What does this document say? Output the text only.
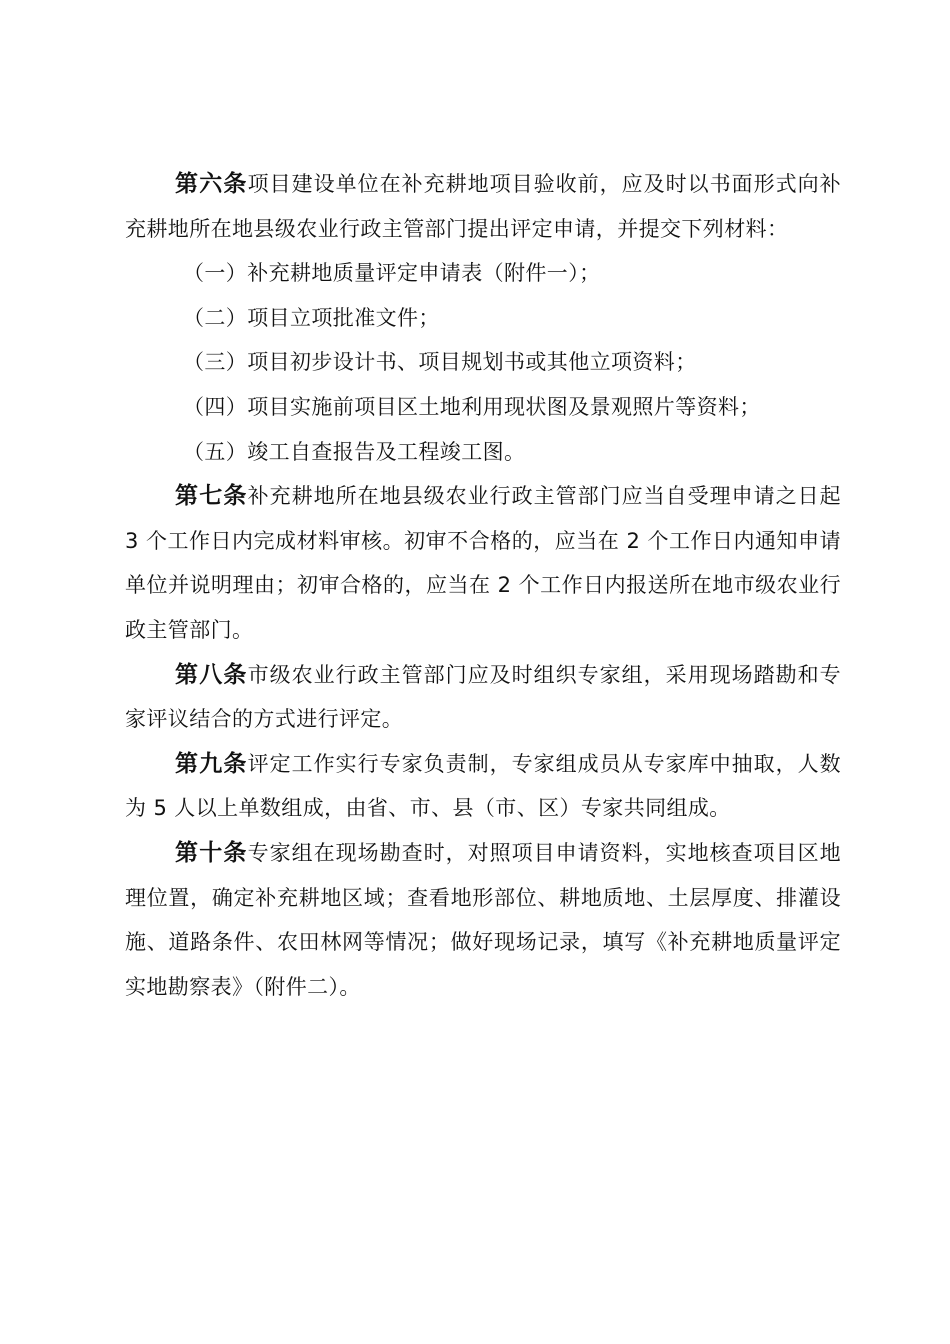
第六条项目建设单位在补充耕地项目验收前，应及时以书面形式向补充耕地所在地县级农业行政主管部门提出评定申请，并提交下列材料：
（一）补充耕地质量评定申请表（附件一）；
（二）项目立项批准文件；
（三）项目初步设计书、项目规划书或其他立项资料；
（四）项目实施前项目区土地利用现状图及景观照片等资料；
（五）竣工自查报告及工程竣工图。
第七条补充耕地所在地县级农业行政主管部门应当自受理申请之日起 3 个工作日内完成材料审核。初审不合格的，应当在 2 个工作日内通知申请单位并说明理由；初审合格的，应当在 2 个工作日内报送所在地市级农业行政主管部门。
第八条市级农业行政主管部门应及时组织专家组，采用现场踏勘和专家评议结合的方式进行评定。
第九条评定工作实行专家负责制，专家组成员从专家库中抽取，人数为 5 人以上单数组成，由省、市、县（市、区）专家共同组成。
第十条专家组在现场勘查时，对照项目申请资料，实地核查项目区地理位置，确定补充耕地区域；查看地形部位、耕地质地、土层厚度、排灌设施、道路条件、农田林网等情况；做好现场记录，填写《补充耕地质量评定实地勘察表》（附件二）。
